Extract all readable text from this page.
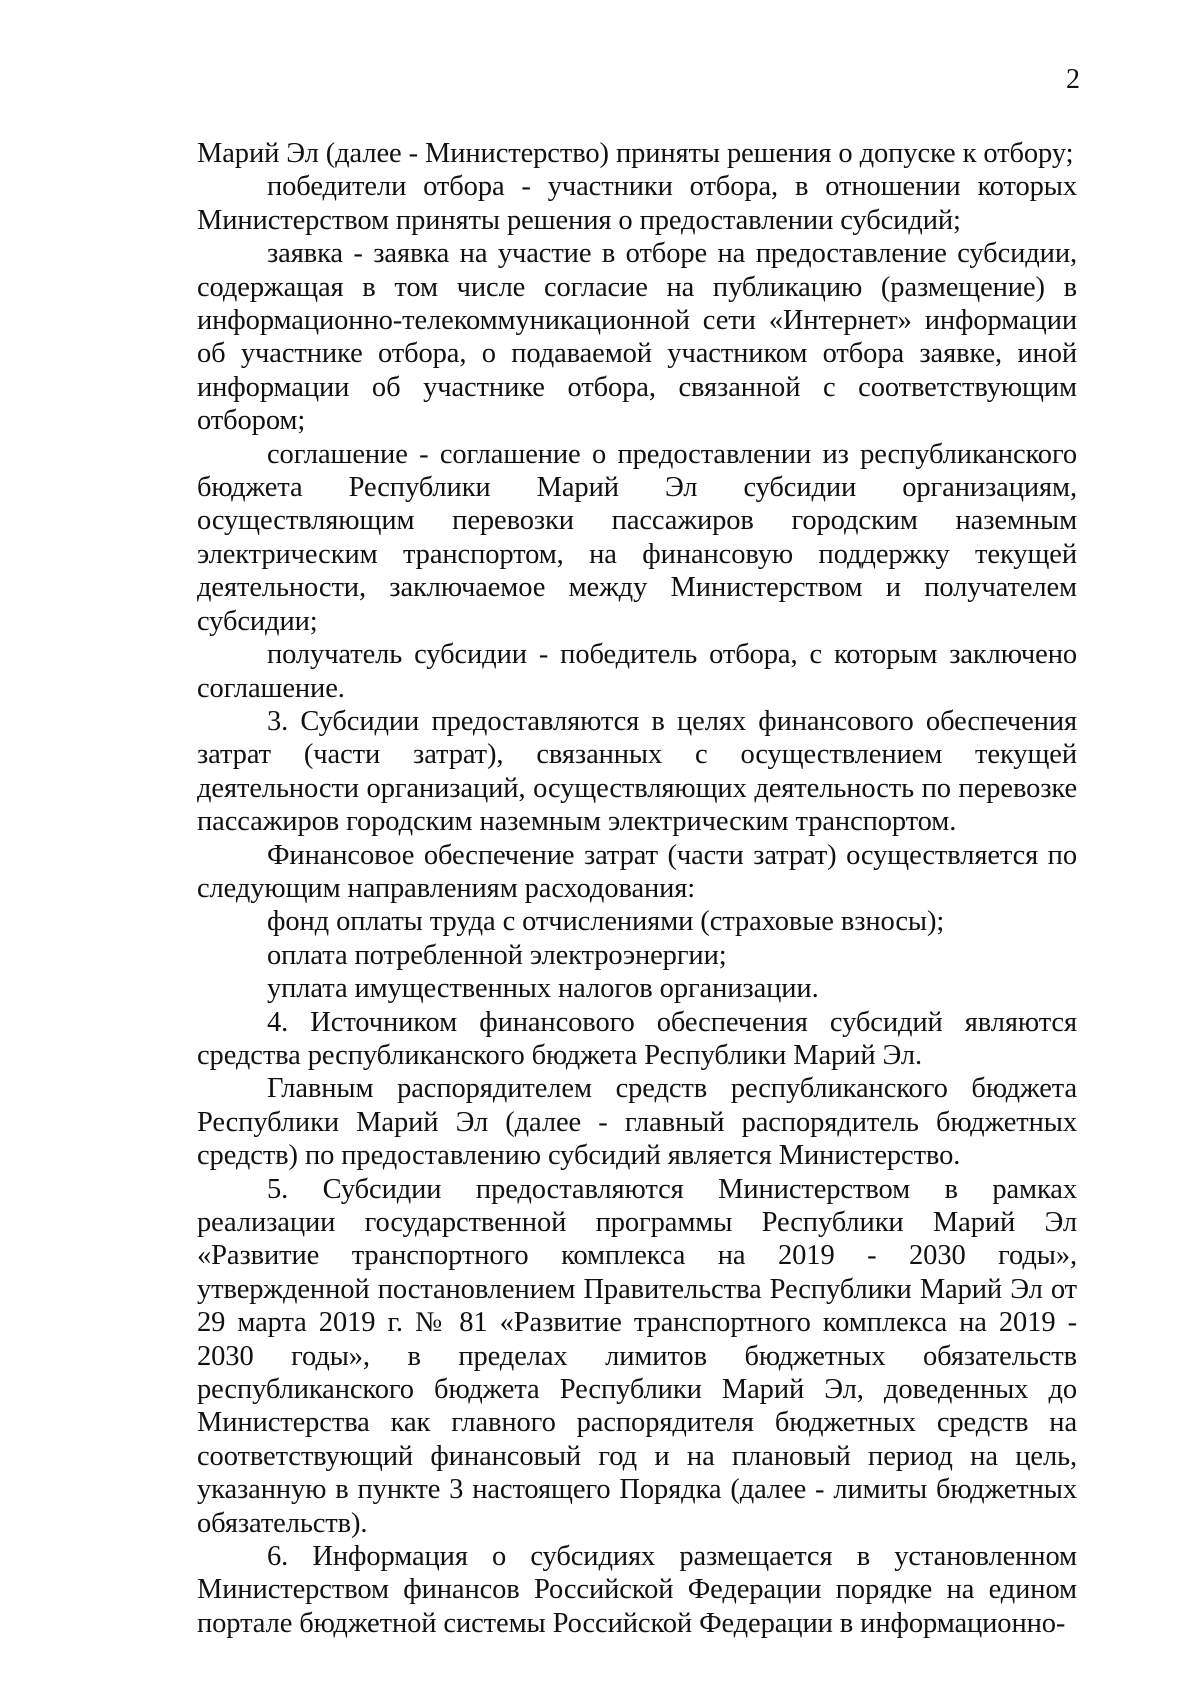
2

Марий Эл (далее - Министерство) приняты решения о допуске к отбору;

победители отбора - участники отбора, в отношении которых Министерством приняты решения о предоставлении субсидий;

заявка - заявка на участие в отборе на предоставление субсидии, содержащая в том числе согласие на публикацию (размещение) в информационно-телекоммуникационной сети «Интернет» информации об участнике отбора, о подаваемой участником отбора заявке, иной информации об участнике отбора, связанной с соответствующим отбором;

соглашение - соглашение о предоставлении из республиканского бюджета Республики Марий Эл субсидии организациям, осуществляющим перевозки пассажиров городским наземным электрическим транспортом, на финансовую поддержку текущей деятельности, заключаемое между Министерством и получателем субсидии;

получатель субсидии - победитель отбора, с которым заключено соглашение.

3. Субсидии предоставляются в целях финансового обеспечения затрат (части затрат), связанных с осуществлением текущей деятельности организаций, осуществляющих деятельность по перевозке пассажиров городским наземным электрическим транспортом.

Финансовое обеспечение затрат (части затрат) осуществляется по следующим направлениям расходования:

фонд оплаты труда с отчислениями (страховые взносы);

оплата потребленной электроэнергии;

уплата имущественных налогов организации.

4. Источником финансового обеспечения субсидий являются средства республиканского бюджета Республики Марий Эл.

Главным распорядителем средств республиканского бюджета Республики Марий Эл (далее - главный распорядитель бюджетных средств) по предоставлению субсидий является Министерство.

5. Субсидии предоставляются Министерством в рамках реализации государственной программы Республики Марий Эл «Развитие транспортного комплекса на 2019 - 2030 годы», утвержденной постановлением Правительства Республики Марий Эл от 29 марта 2019 г. № 81 «Развитие транспортного комплекса на 2019 - 2030 годы», в пределах лимитов бюджетных обязательств республиканского бюджета Республики Марий Эл, доведенных до Министерства как главного распорядителя бюджетных средств на соответствующий финансовый год и на плановый период на цель, указанную в пункте 3 настоящего Порядка (далее - лимиты бюджетных обязательств).

6. Информация о субсидиях размещается в установленном Министерством финансов Российской Федерации порядке на едином портале бюджетной системы Российской Федерации в информационно-
